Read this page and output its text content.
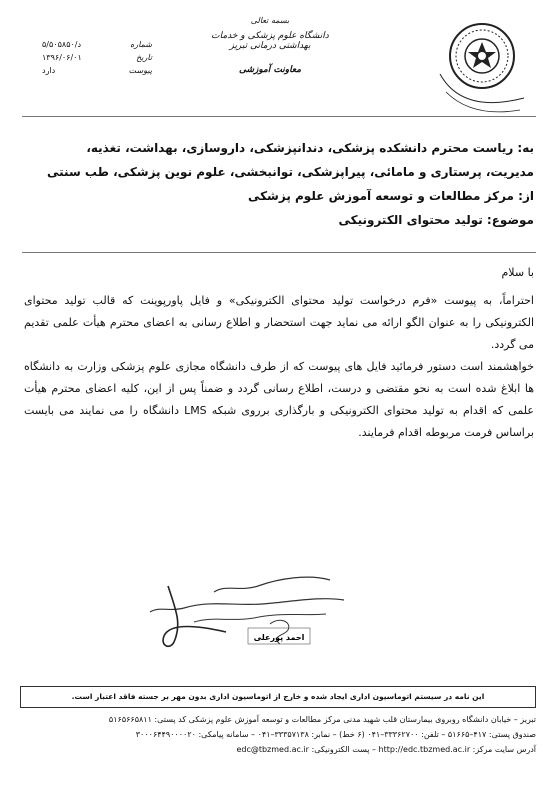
۵/د/۵۰۵۸۵۰	شماره
۱۳۹۶/۰۶/۰۱	تاریخ
دارد	پیوست
بسمه تعالی
دانشگاه علوم پزشکی و خدمات بهداشتی درمانی تبریز
معاونت آموزشی
به: ریاست محترم دانشکده پزشکی، دندانپزشکی، داروسازی، بهداشت، تغذیه،
مدیریت، پرستاری و مامائی، پیراپزشکی، توانبخشی، علوم نوین پزشکی، طب سنتی
از: مرکز مطالعات و توسعه آموزش علوم پزشکی
موضوع: تولید محتوای الکترونیکی

با سلام

احتراماً، به پیوست «فرم درخواست تولید محتوای الکترونیکی» و فایل پاورپوینت که قالب تولید محتوای الکترونیکی را به عنوان الگو ارائه می نماید جهت استحضار و اطلاع رسانی به اعضای محترم هیأت علمی تقدیم می گردد.

خواهشمند است دستور فرمائید فایل های پیوست که از طرف دانشگاه مجازی علوم پزشکی وزارت به دانشگاه ها ابلاغ شده است به نحو مقتضی و درست، اطلاع رسانی گردد و ضمناً پس از این، کلیه اعضای محترم هیأت علمی که اقدام به تولید محتوای الکترونیکی و بارگذاری برروی شبکه LMS دانشگاه را می نمایند می بایست براساس فرمت مربوطه اقدام فرمایند.

احمد پورعلی
این نامه در سیستم اتوماسیون اداری ایجاد شده و خارج از اتوماسیون اداری بدون مهر بر جسته فاقد اعتبار است.
تبریز – خیابان دانشگاه روبروی بیمارستان قلب شهید مدنی مرکز مطالعات و توسعه آموزش علوم پزشکی کد پستی: ۵۱۶۵۶۶۵۸۱۱
صندوق پستی: ۴۱۷–۵۱۶۶۵ – تلفن: ۳۳۳۶۲۷۰۰–۰۴۱ (۶ خط) – نمابر: ۳۳۳۵۷۱۳۸–۰۴۱ – سامانه پیامکی: ۳۰۰۰۶۴۴۹۰۰۰۰۲۰
آدرس سایت مرکز: http://edc.tbzmed.ac.ir – پست الکترونیکی: edc@tbzmed.ac.ir
